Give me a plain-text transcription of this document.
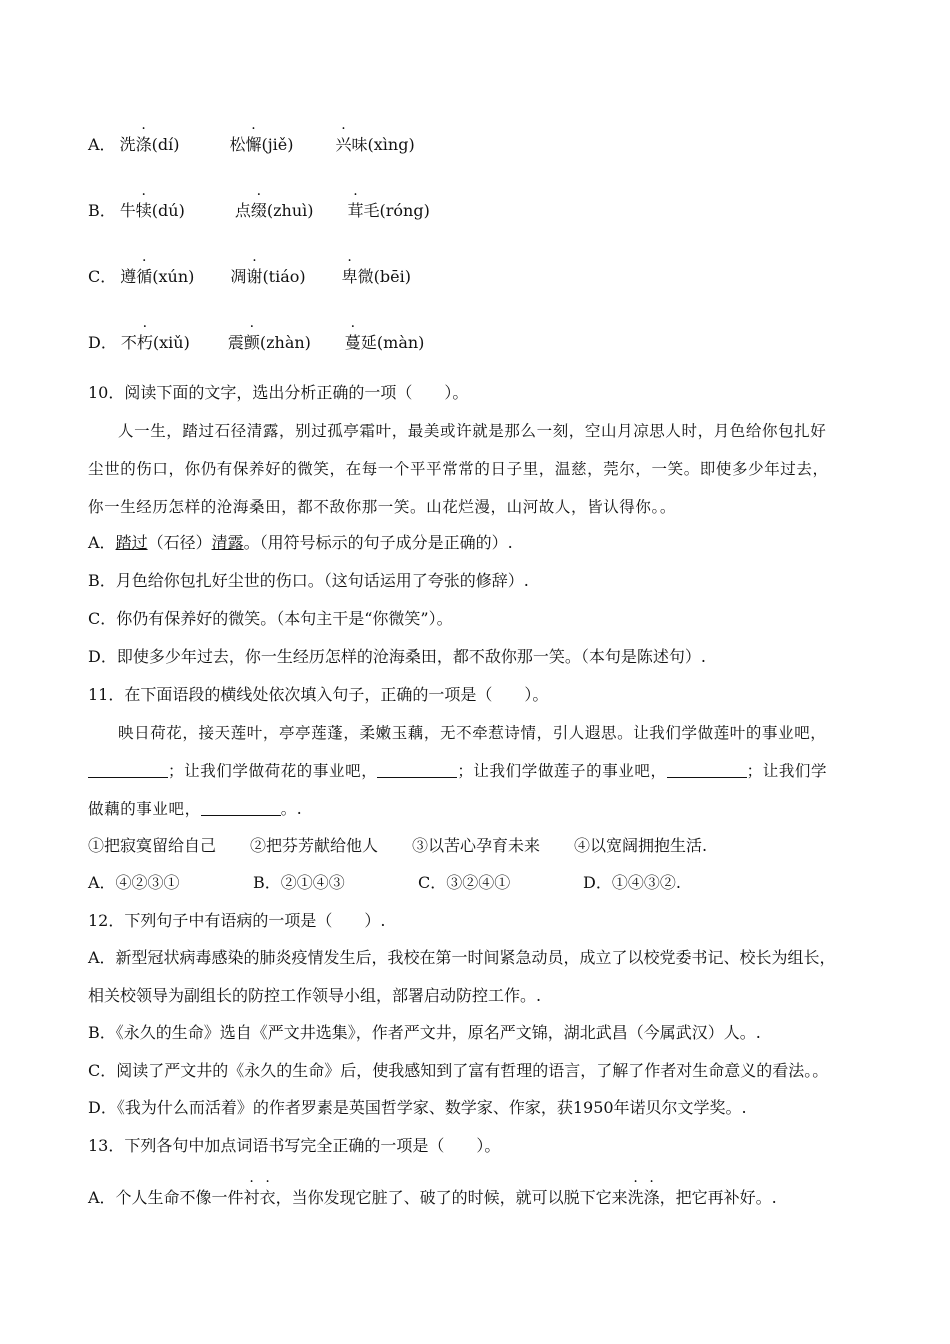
A． 洗涤(dí)	松懈(jiě)	兴味(xìng)
B． 牛犊(dú)	点缀(zhuì) 茸毛(róng)
C． 遵循(xún) 凋谢(tiáo) 卑微(bēi)
D． 不朽(xiǔ) 震颤(zhàn) 蔓延(màn)
10．阅读下面的文字，选出分析正确的一项（　　）。
人一生，踏过石径清露，别过孤亭霜叶，最美或许就是那么一刻，空山月凉思人时，月色给你包扎好
尘世的伤口，你仍有保养好的微笑，在每一个平平常常的日子里，温慈，莞尔，一笑。即使多少年过去，
你一生经历怎样的沧海桑田，都不敌你那一笑。山花烂漫，山河故人，皆认得你。。
A．踏过（石径）清露。（用符号标示的句子成分是正确的）.
B．月色给你包扎好尘世的伤口。（这句话运用了夸张的修辞）.
C．你仍有保养好的微笑。（本句主干是“你微笑”）。
D．即使多少年过去，你一生经历怎样的沧海桑田，都不敌你那一笑。（本句是陈述句）.
11．在下面语段的横线处依次填入句子，正确的一项是（　　）。
映日荷花，接天莲叶，亭亭莲蓬，柔嫩玉藕，无不牵惹诗情，引人遐思。让我们学做莲叶的事业吧，
；让我们学做荷花的事业吧，	；让我们学做莲子的事业吧，	；让我们学
做藕的事业吧，	。.
①把寂寞留给自己 ②把芬芳献给他人 ③以苦心孕育未来 ④以宽阔拥抱生活.
A．④②③①	B．②①④③	C．③②④①	D．①④③②.
12．下列句子中有语病的一项是（　　）.
A．新型冠状病毒感染的肺炎疫情发生后，我校在第一时间紧急动员，成立了以校党委书记、校长为组长，
相关校领导为副组长的防控工作领导小组，部署启动防控工作。.
B．《永久的生命》选自《严文井选集》，作者严文井，原名严文锦，湖北武昌（今属武汉）人。.
C．阅读了严文井的《永久的生命》后，使我感知到了富有哲理的语言，了解了作者对生命意义的看法。。
D．《我为什么而活着》的作者罗素是英国哲学家、数学家、作家，获1950年诺贝尔文学奖。.
13．下列各句中加点词语书写完全正确的一项是（　　）。
A．个人生命不像一件衬衣，当你发现它脏了、破了的时候，就可以脱下它来洗涤，把它再补好。.
